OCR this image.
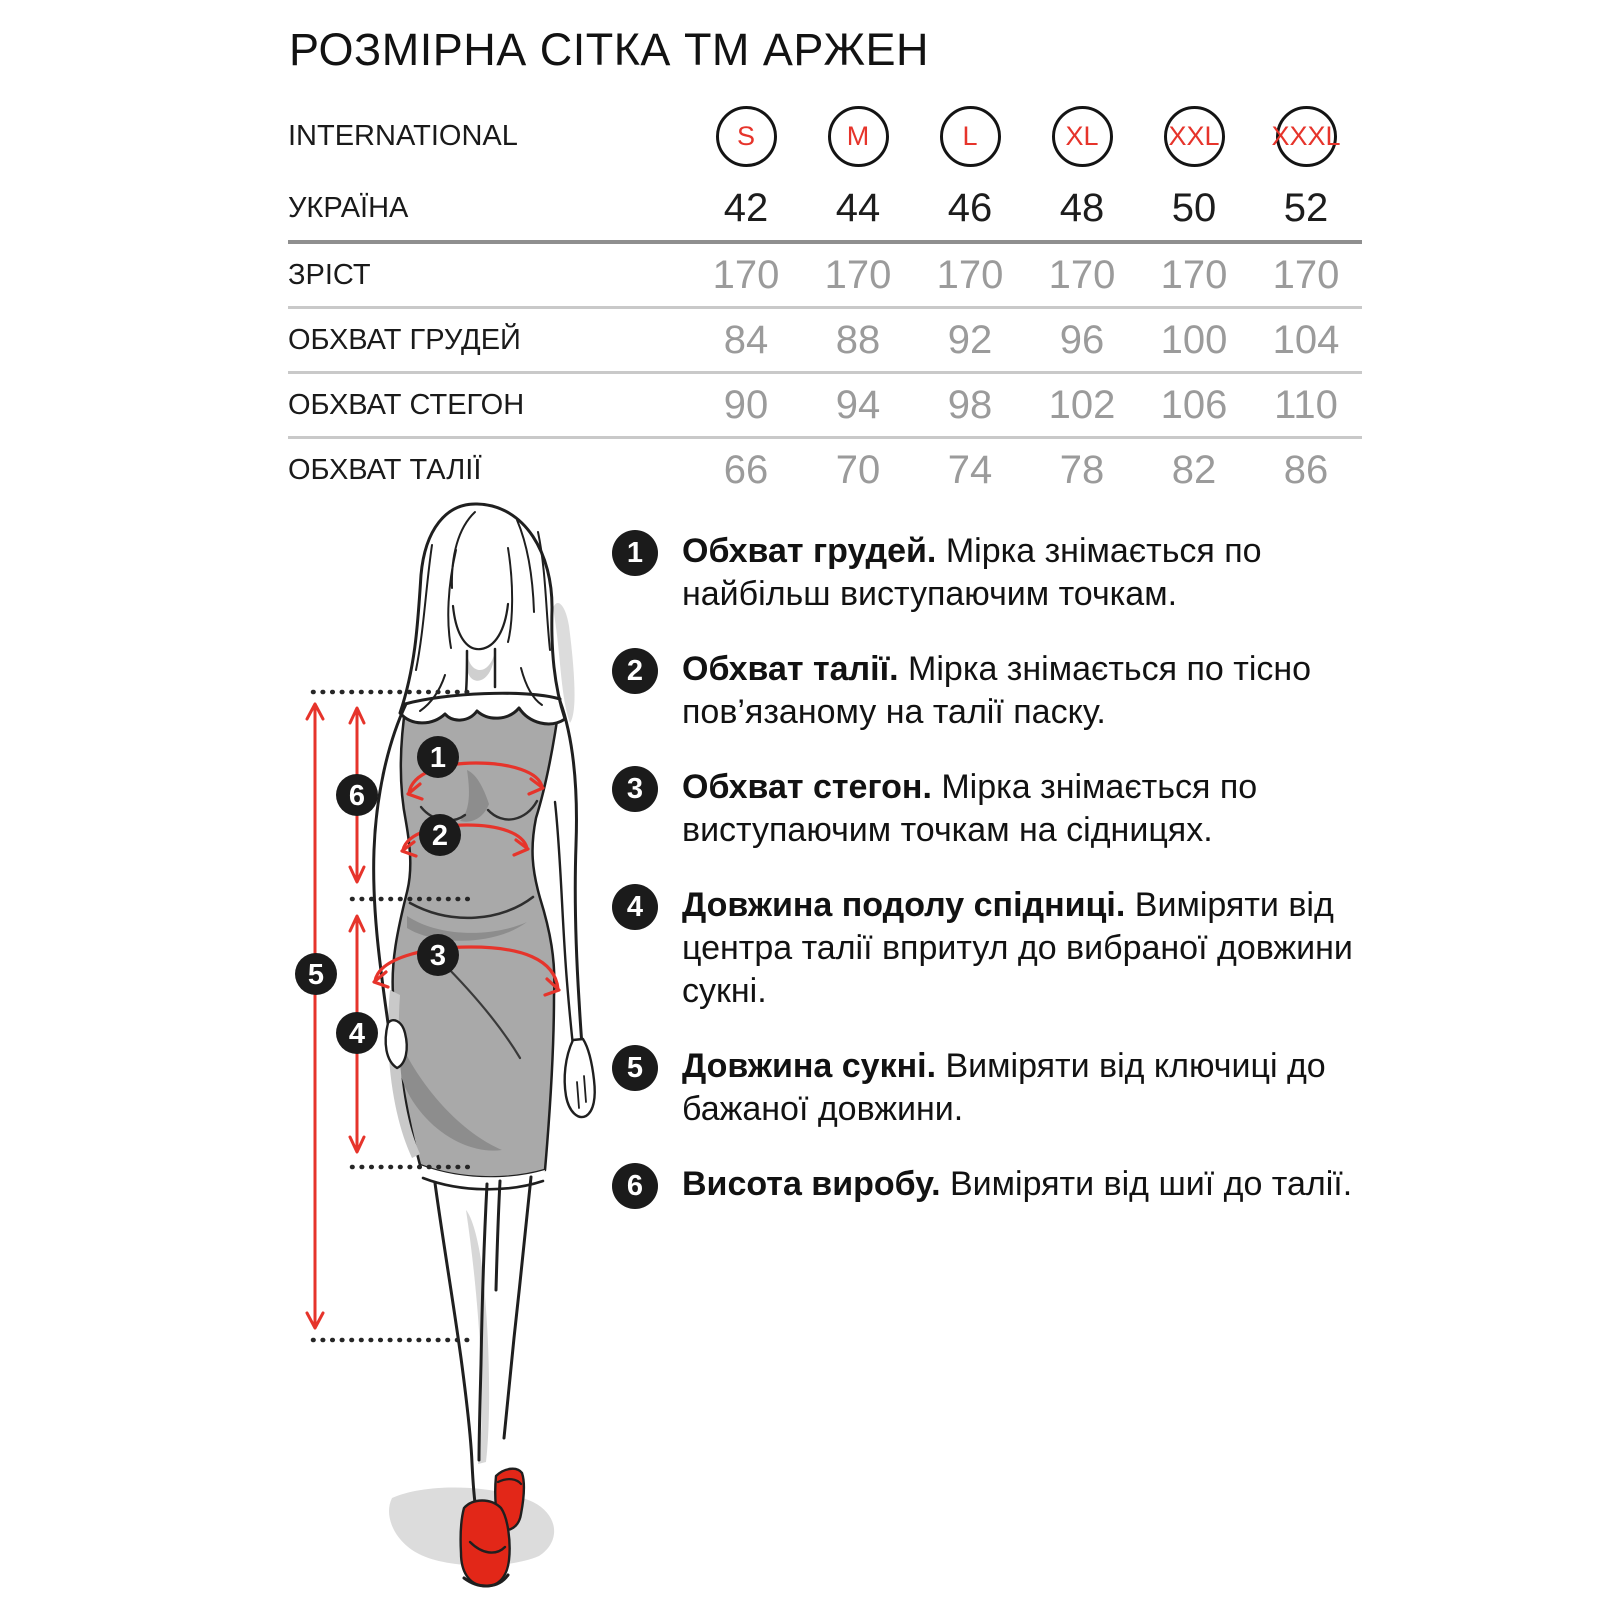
РОЗМІРНА СІТКА ТМ АРЖЕН
INTERNATIONAL	S	M	L	XL	XXL	XXXL
УКРАЇНА	42	44	46	48	50	52
ЗРІСТ	170	170	170	170	170	170
ОБХВАТ ГРУДЕЙ	84	88	92	96	100	104
ОБХВАТ СТЕГОН	90	94	98	102	106	110
ОБХВАТ ТАЛІЇ	66	70	74	78	82	86
1
2
3
4
5
6
1	Обхват грудей. Мірка знімається по найбільш виступаючим точкам.
2	Обхват талії. Мірка знімається по тісно пов’язаному на талії паску.
3	Обхват стегон. Мірка знімається по виступаючим точкам на сідницях.
4	Довжина подолу спідниці. Виміряти від центра талії впритул до вибраної довжини сукні.
5	Довжина сукні. Виміряти від ключиці до бажаної довжини.
6	Висота виробу. Виміряти від шиї до талії.
